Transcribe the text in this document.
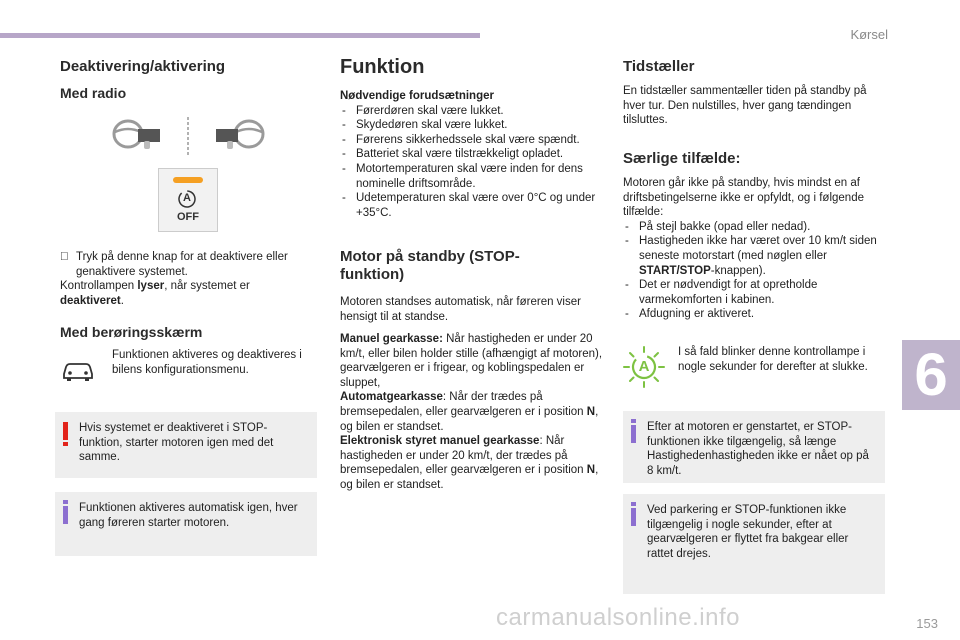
Kørsel
Deaktivering/aktivering
Med radio
A
OFF
Tryk på denne knap for at deaktivere eller genaktivere systemet.
Kontrollampen lyser, når systemet er deaktiveret.
Med berøringsskærm
Funktionen aktiveres og deaktiveres i bilens konfigurationsmenu.
Hvis systemet er deaktiveret i STOP-funktion, starter motoren igen med det samme.
Funktionen aktiveres automatisk igen, hver gang føreren starter motoren.
Funktion
Nødvendige forudsætninger
- Førerdøren skal være lukket.
- Skydedøren skal være lukket.
- Førerens sikkerhedssele skal være spændt.
- Batteriet skal være tilstrækkeligt opladet.
- Motortemperaturen skal være inden for dens nominelle driftsområde.
- Udetemperaturen skal være over 0°C og under +35°C.
Motor på standby (STOP-funktion)
Motoren standses automatisk, når føreren viser hensigt til at standse.
Manuel gearkasse: Når hastigheden er under 20 km/t, eller bilen holder stille (afhængigt af motoren), gearvælgeren er i frigear, og koblingspedalen er sluppet,
Automatgearkasse: Når der trædes på bremsepedalen, eller gearvælgeren er i position N, og bilen er standset.
Elektronisk styret manuel gearkasse: Når hastigheden er under 20 km/t, der trædes på bremsepedalen, eller gearvælgeren er i position N, og bilen er standset.
Tidstæller
En tidstæller sammentæller tiden på standby på hver tur. Den nulstilles, hver gang tændingen tilsluttes.
Særlige tilfælde:
Motoren går ikke på standby, hvis mindst en af driftsbetingelserne ikke er opfyldt, og i følgende tilfælde:
- På stejl bakke (opad eller nedad).
- Hastigheden ikke har været over 10 km/t siden seneste motorstart (med nøglen eller START/STOP-knappen).
- Det er nødvendigt for at opretholde varmekomforten i kabinen.
- Afdugning er aktiveret.
A
I så fald blinker denne kontrollampe i nogle sekunder for derefter at slukke.
Efter at motoren er genstartet, er STOP-funktionen ikke tilgængelig, så længe Hastighedenhastigheden ikke er nået op på 8 km/t.
Ved parkering er STOP-funktionen ikke tilgængelig i nogle sekunder, efter at gearvælgeren er flyttet fra bakgear eller rattet drejes.
6
carmanualsonline.info	153
